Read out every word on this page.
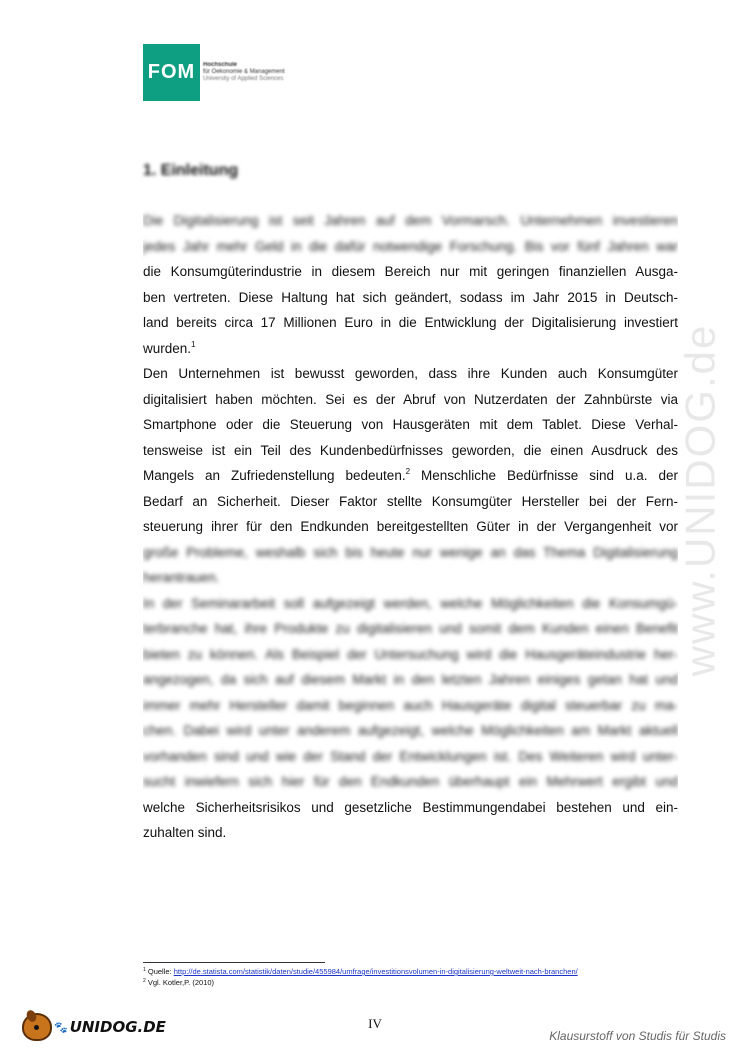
FOM	Hochschule
für Oekonomie & Management
University of Applied Sciences
1. Einleitung
Die Digitalisierung ist seit Jahren auf dem Vormarsch. Unternehmen investieren
jedes Jahr mehr Geld in die dafür notwendige Forschung. Bis vor fünf Jahren war
die Konsumgüterindustrie in diesem Bereich nur mit geringen finanziellen Ausga-
ben vertreten. Diese Haltung hat sich geändert, sodass im Jahr 2015 in Deutsch-
land bereits circa 17 Millionen Euro in die Entwicklung der Digitalisierung investiert
wurden.$^1$
Den Unternehmen ist bewusst geworden, dass ihre Kunden auch Konsumgüter
digitalisiert haben möchten. Sei es der Abruf von Nutzerdaten der Zahnbürste via
Smartphone oder die Steuerung von Hausgeräten mit dem Tablet. Diese Verhal-
tensweise ist ein Teil des Kundenbedürfnisses geworden, die einen Ausdruck des
Mangels an Zufriedenstellung bedeuten.$^2$ Menschliche Bedürfnisse sind u.a. der
Bedarf an Sicherheit. Dieser Faktor stellte Konsumgüter Hersteller bei der Fern-
steuerung ihrer für den Endkunden bereitgestellten Güter in der Vergangenheit vor
große Probleme, weshalb sich bis heute nur wenige an das Thema Digitalisierung
herantrauen.
In der Seminararbeit soll aufgezeigt werden, welche Möglichkeiten die Konsumgü-
terbranche hat, ihre Produkte zu digitalisieren und somit dem Kunden einen Benefit
bieten zu können. Als Beispiel der Untersuchung wird die Hausgeräteindustrie her-
angezogen, da sich auf diesem Markt in den letzten Jahren einiges getan hat und
immer mehr Hersteller damit beginnen auch Hausgeräte digital steuerbar zu ma-
chen. Dabei wird unter anderem aufgezeigt, welche Möglichkeiten am Markt aktuell
vorhanden sind und wie der Stand der Entwicklungen ist. Des Weiteren wird unter-
sucht inwiefern sich hier für den Endkunden überhaupt ein Mehrwert ergibt und
welche Sicherheitsrisikos und gesetzliche Bestimmungendabei bestehen und ein-
zuhalten sind.
www.UNIDOG.de
$^1$ Quelle: http://de.statista.com/statistik/daten/studie/455984/umfrage/investitionsvolumen-in-digitalisierung-weltweit-nach-branchen/
$^2$ Vgl. Kotler,P. (2010)
IV
🐾 UNIDOG.DE	Klausurstoff von Studis für Studis
